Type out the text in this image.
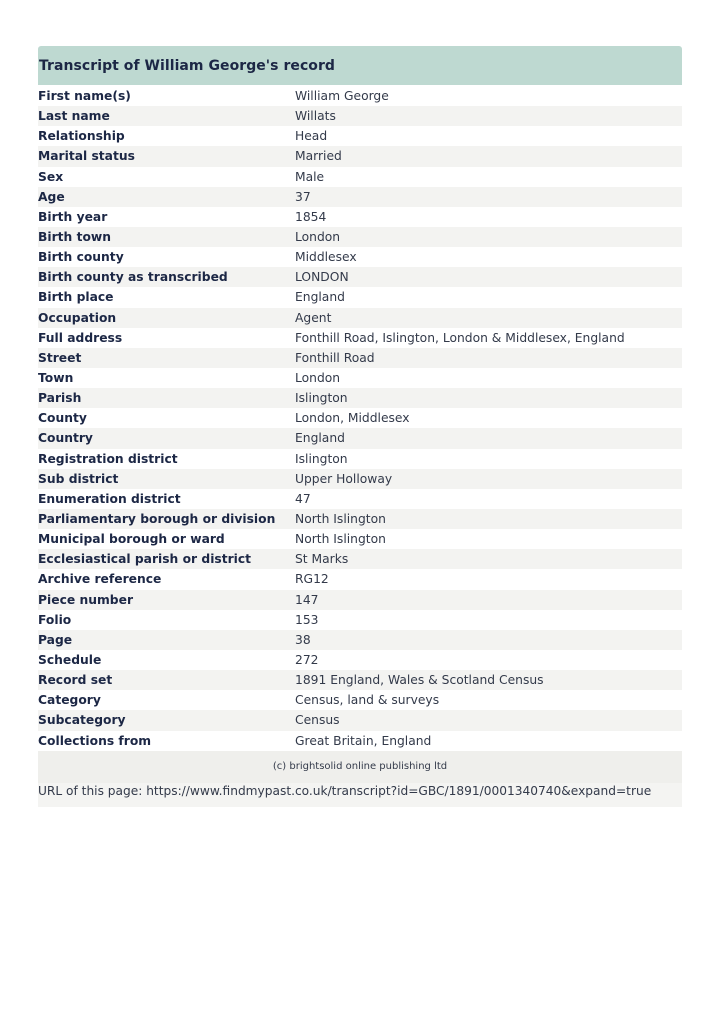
Transcript of William George's record
First name(s)	William George
Last name	Willats
Relationship	Head
Marital status	Married
Sex	Male
Age	37
Birth year	1854
Birth town	London
Birth county	Middlesex
Birth county as transcribed	LONDON
Birth place	England
Occupation	Agent
Full address	Fonthill Road, Islington, London & Middlesex, England
Street	Fonthill Road
Town	London
Parish	Islington
County	London, Middlesex
Country	England
Registration district	Islington
Sub district	Upper Holloway
Enumeration district	47
Parliamentary borough or division	North Islington
Municipal borough or ward	North Islington
Ecclesiastical parish or district	St Marks
Archive reference	RG12
Piece number	147
Folio	153
Page	38
Schedule	272
Record set	1891 England, Wales & Scotland Census
Category	Census, land & surveys
Subcategory	Census
Collections from	Great Britain, England
(c) brightsolid online publishing ltd
URL of this page: https://www.findmypast.co.uk/transcript?id=GBC/1891/0001340740&expand=true
